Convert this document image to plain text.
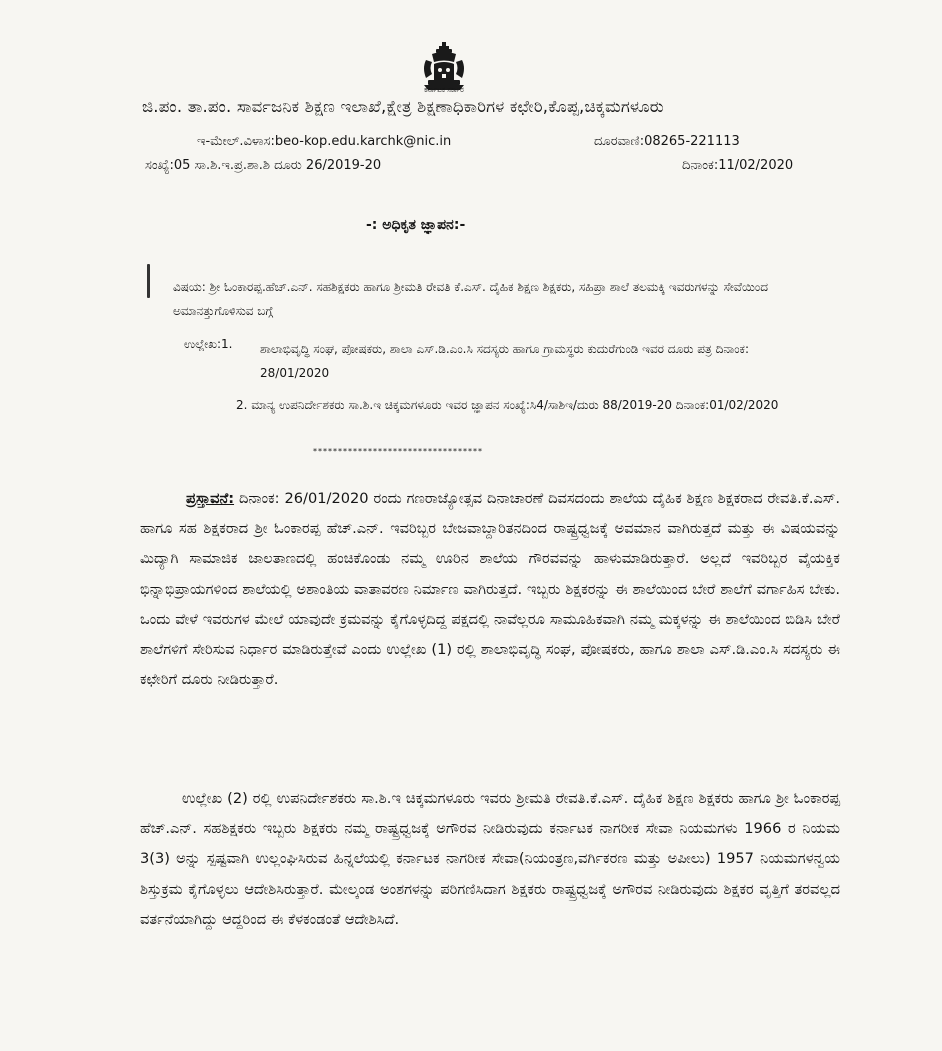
ಕರ್ನಾಟಕ ಸರ್ಕಾರ
ಜಿ.ಪಂ. ತಾ.ಪಂ. ಸಾರ್ವಜನಿಕ ಶಿಕ್ಷಣ ಇಲಾಖೆ,ಕ್ಷೇತ್ರ ಶಿಕ್ಷಣಾಧಿಕಾರಿಗಳ ಕಛೇರಿ,ಕೊಪ್ಪ,ಚಿಕ್ಕಮಗಳೂರು
ಇ-ಮೇಲ್.ವಿಳಾಸ:beo-kop.edu.karchk@nic.in	ದೂರವಾಣಿ:08265-221113
ಸಂಖ್ಯೆ:05 ಸಾ.ಶಿ.ಇ.ಪ್ರ.ಶಾ.ಶಿ ದೂರು 26/2019-20	ದಿನಾಂಕ:11/02/2020
-: ಅಧಿಕೃತ ಜ್ಞಾಪನ:-
ವಿಷಯ: ಶ್ರೀ ಓಂಕಾರಪ್ಪ.ಹೆಚ್.ಎನ್. ಸಹಶಿಕ್ಷಕರು ಹಾಗೂ ಶ್ರೀಮತಿ ರೇವತಿ ಕೆ.ಎಸ್. ದೈಹಿಕ ಶಿಕ್ಷಣ ಶಿಕ್ಷಕರು, ಸಹಿಪ್ರಾ ಶಾಲೆ ತಲಮಕ್ಕಿ ಇವರುಗಳನ್ನು ಸೇವೆಯಿಂದ ಅಮಾನತ್ತುಗೊಳಿಸುವ ಬಗ್ಗೆ
ಉಲ್ಲೇಖ:1. ಶಾಲಾಭಿವೃದ್ಧಿ ಸಂಘ, ಪೋಷಕರು, ಶಾಲಾ ಎಸ್.ಡಿ.ಎಂ.ಸಿ ಸದಸ್ಯರು ಹಾಗೂ ಗ್ರಾಮಸ್ಥರು ಕುದುರೆಗುಂಡಿ ಇವರ ದೂರು ಪತ್ರ ದಿನಾಂಕ: 28/01/2020
2. ಮಾನ್ಯ ಉಪನಿರ್ದೇಶಕರು ಸಾ.ಶಿ.ಇ ಚಿಕ್ಕಮಗಳೂರು ಇವರ ಜ್ಞಾಪನ ಸಂಖ್ಯೆ:ಸಿ4/ಸಾಶಿಇ/ದುರು 88/2019-20 ದಿನಾಂಕ:01/02/2020
**********************************
ಪ್ರಸ್ತಾವನೆ: ದಿನಾಂಕ: 26/01/2020 ರಂದು ಗಣರಾಜ್ಯೋತ್ಸವ ದಿನಾಚಾರಣೆ ದಿವಸದಂದು ಶಾಲೆಯ ದೈಹಿಕ ಶಿಕ್ಷಣ ಶಿಕ್ಷಕರಾದ ರೇವತಿ.ಕೆ.ಎಸ್. ಹಾಗೂ ಸಹ ಶಿಕ್ಷಕರಾದ ಶ್ರೀ ಓಂಕಾರಪ್ಪ ಹೆಚ್.ಎನ್. ಇವರಿಬ್ಬರ ಬೇಜವಾಬ್ದಾರಿತನದಿಂದ ರಾಷ್ಟ್ರಧ್ವಜಕ್ಕೆ ಅವಮಾನ ವಾಗಿರುತ್ತದೆ ಮತ್ತು ಈ ವಿಷಯವನ್ನು ಮಿದ್ಯಾಗಿ ಸಾಮಾಜಿಕ ಜಾಲತಾಣದಲ್ಲಿ ಹಂಚಿಕೊಂಡು ನಮ್ಮ ಊರಿನ ಶಾಲೆಯ ಗೌರವವನ್ನು ಹಾಳುಮಾಡಿರುತ್ತಾರೆ. ಅಲ್ಲದೆ ಇವರಿಬ್ಬರ ವೈಯಕ್ತಿಕ ಭಿನ್ನಾಭಿಪ್ರಾಯಗಳಿಂದ ಶಾಲೆಯಲ್ಲಿ ಅಶಾಂತಿಯ ವಾತಾವರಣ ನಿರ್ಮಾಣ ವಾಗಿರುತ್ತದೆ. ಇಬ್ಬರು ಶಿಕ್ಷಕರನ್ನು ಈ ಶಾಲೆಯಿಂದ ಬೇರೆ ಶಾಲೆಗೆ ವರ್ಗಾಹಿಸ ಬೇಕು. ಒಂದು ವೇಳೆ ಇವರುಗಳ ಮೇಲೆ ಯಾವುದೇ ಕ್ರಮವನ್ನು ಕೈಗೊಳ್ಳದಿದ್ದ ಪಕ್ಷದಲ್ಲಿ ನಾವೆಲ್ಲರೂ ಸಾಮೂಹಿಕವಾಗಿ ನಮ್ಮ ಮಕ್ಕಳನ್ನು ಈ ಶಾಲೆಯಿಂದ ಬಿಡಿಸಿ ಬೇರೆ ಶಾಲೆಗಳಿಗೆ ಸೇರಿಸುವ ನಿರ್ಧಾರ ಮಾಡಿರುತ್ತೇವೆ ಎಂದು ಉಲ್ಲೇಖ (1) ರಲ್ಲಿ ಶಾಲಾಭಿವೃದ್ಧಿ ಸಂಘ, ಪೋಷಕರು, ಹಾಗೂ ಶಾಲಾ ಎಸ್.ಡಿ.ಎಂ.ಸಿ ಸದಸ್ಯರು ಈ ಕಛೇರಿಗೆ ದೂರು ನೀಡಿರುತ್ತಾರೆ.
ಉಲ್ಲೇಖ (2) ರಲ್ಲಿ ಉಪನಿರ್ದೇಶಕರು ಸಾ.ಶಿ.ಇ ಚಿಕ್ಕಮಗಳೂರು ಇವರು ಶ್ರೀಮತಿ ರೇವತಿ.ಕೆ.ಎಸ್. ದೈಹಿಕ ಶಿಕ್ಷಣ ಶಿಕ್ಷಕರು ಹಾಗೂ ಶ್ರೀ ಓಂಕಾರಪ್ಪ ಹೆಚ್.ಎನ್. ಸಹಶಿಕ್ಷಕರು ಇಬ್ಬರು ಶಿಕ್ಷಕರು ನಮ್ಮ ರಾಷ್ಟ್ರಧ್ವಜಕ್ಕೆ ಅಗೌರವ ನೀಡಿರುವುದು ಕರ್ನಾಟಕ ನಾಗರೀಕ ಸೇವಾ ನಿಯಮಗಳು 1966 ರ ನಿಯಮ 3(3) ಅನ್ನು ಸ್ಪಷ್ಟವಾಗಿ ಉಲ್ಲಂಘಿಸಿರುವ ಹಿನ್ನಲೆಯಲ್ಲಿ ಕರ್ನಾಟಕ ನಾಗರೀಕ ಸೇವಾ(ನಿಯಂತ್ರಣ,ವರ್ಗಿಕರಣ ಮತ್ತು ಅಪೀಲು) 1957 ನಿಯಮಗಳನ್ವಯ ಶಿಸ್ತುಕ್ರಮ ಕೈಗೊಳ್ಳಲು ಆದೇಶಿಸಿರುತ್ತಾರೆ. ಮೇಲ್ಕಂಡ ಅಂಶಗಳನ್ನು ಪರಿಗಣಿಸಿದಾಗ ಶಿಕ್ಷಕರು ರಾಷ್ಟ್ರಧ್ವಜಕ್ಕೆ ಅಗೌರವ ನೀಡಿರುವುದು ಶಿಕ್ಷಕರ ವೃತ್ತಿಗೆ ತರವಲ್ಲದ ವರ್ತನೆಯಾಗಿದ್ದು ಆದ್ದರಿಂದ ಈ ಕೆಳಕಂಡಂತೆ ಆದೇಶಿಸಿದೆ.
